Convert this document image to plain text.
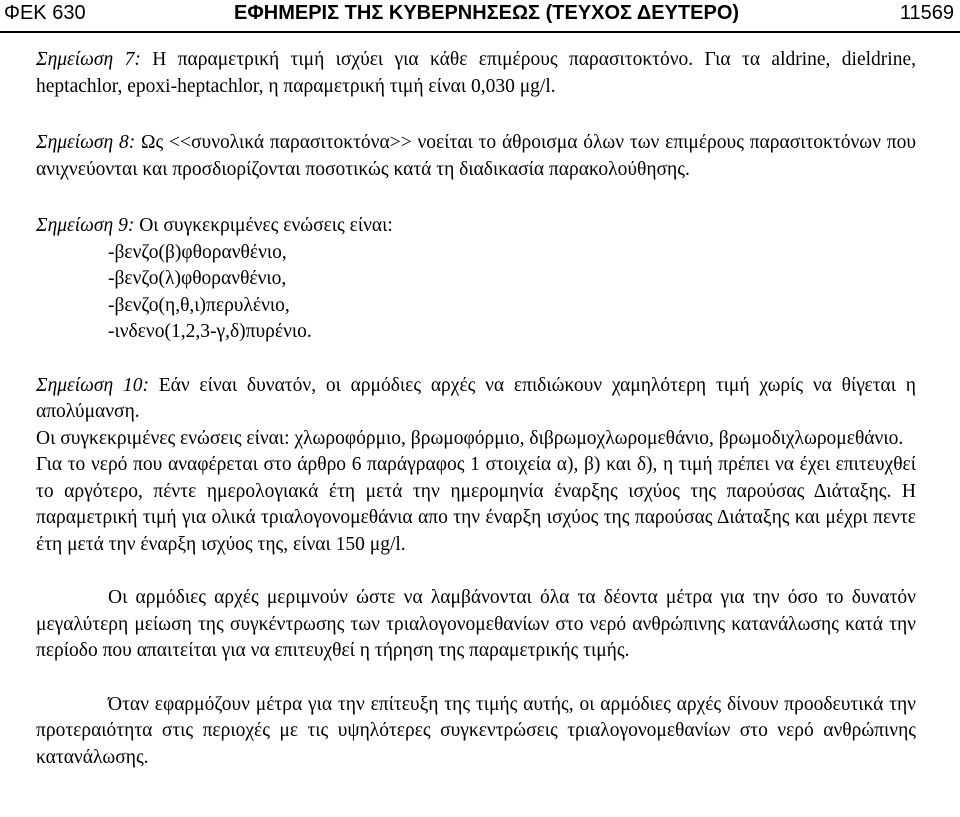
ΦΕΚ 630	ΕΦΗΜΕΡΙΣ ΤΗΣ ΚΥΒΕΡΝΗΣΕΩΣ (ΤΕΥΧΟΣ ΔΕΥΤΕΡΟ)	11569

Σημείωση 7: Η παραμετρική τιμή ισχύει για κάθε επιμέρους παρασιτοκτόνο. Για τα aldrine, dieldrine, heptachlor, epoxi-heptachlor, η παραμετρική τιμή είναι 0,030 μg/l.

Σημείωση 8: Ως <<συνολικά παρασιτοκτόνα>> νοείται το άθροισμα όλων των επιμέρους παρασιτοκτόνων που ανιχνεύονται και προσδιορίζονται ποσοτικώς κατά τη διαδικασία παρακολούθησης.

Σημείωση 9: Οι συγκεκριμένες ενώσεις είναι:

-βενζο(β)φθορανθένιο,

-βενζο(λ)φθορανθένιο,

-βενζο(η,θ,ι)περυλένιο,

-ινδενο(1,2,3-γ,δ)πυρένιο.

Σημείωση 10: Εάν είναι δυνατόν, οι αρμόδιες αρχές να επιδιώκουν χαμηλότερη τιμή χωρίς να θίγεται η απολύμανση.

Οι συγκεκριμένες ενώσεις είναι: χλωροφόρμιο, βρωμοφόρμιο, διβρωμοχλωρομεθάνιο, βρωμοδιχλωρομεθάνιο.

Για το νερό που αναφέρεται στο άρθρο 6 παράγραφος 1 στοιχεία α), β) και δ), η τιμή πρέπει να έχει επιτευχθεί το αργότερο, πέντε ημερολογιακά έτη μετά την ημερομηνία έναρξης ισχύος της παρούσας Διάταξης. Η παραμετρική τιμή για ολικά τριαλογονομεθάνια απο την έναρξη ισχύος της παρούσας Διάταξης και μέχρι πεντε έτη μετά την έναρξη ισχύος της, είναι 150 μg/l.

Οι αρμόδιες αρχές μεριμνούν ώστε να λαμβάνονται όλα τα δέοντα μέτρα για την όσο το δυνατόν μεγαλύτερη μείωση της συγκέντρωσης των τριαλογονομεθανίων στο νερό ανθρώπινης κατανάλωσης κατά την περίοδο που απαιτείται για να επιτευχθεί η τήρηση της παραμετρικής τιμής.

Όταν εφαρμόζουν μέτρα για την επίτευξη της τιμής αυτής, οι αρμόδιες αρχές δίνουν προοδευτικά την προτεραιότητα στις περιοχές με τις υψηλότερες συγκεντρώσεις τριαλογονομεθανίων στο νερό ανθρώπινης κατανάλωσης.
